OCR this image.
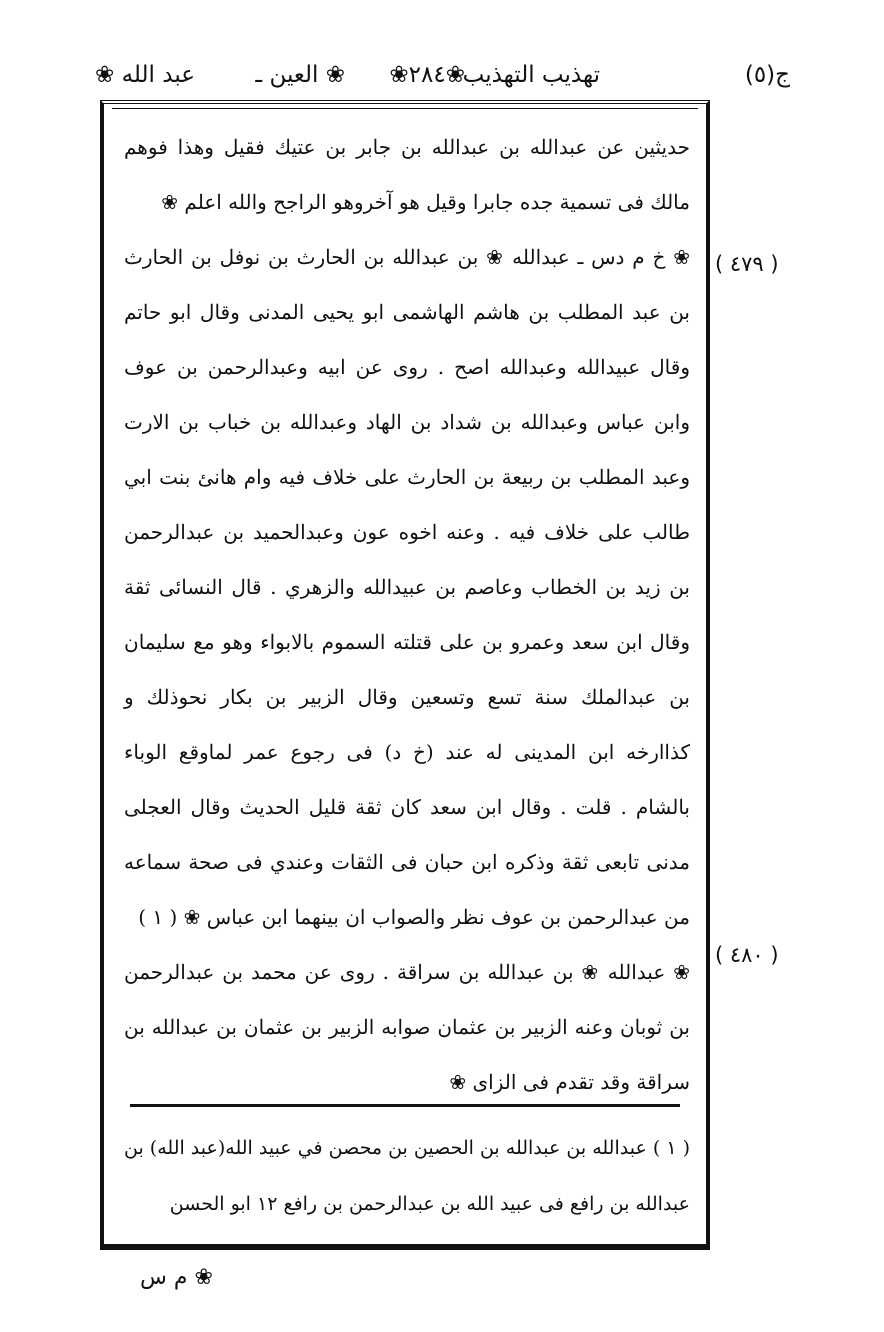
ج(٥)
تهذيب التهذيب
❀٢٨٤❀
❀ العين ـ
عبد الله ❀
( ٤٧٩ )
( ٤٨٠ )

حديثين عن عبدالله بن عبدالله بن جابر بن عتيك فقيل وهذا فوهم مالك فى تسمية جده جابرا وقيل هو آخروهو الراجح والله اعلم ❀

❀ خ م دس ـ عبدالله ❀ بن عبدالله بن الحارث بن نوفل بن الحارث بن عبد المطلب بن هاشم الهاشمى ابو يحيى المدنى وقال ابو حاتم وقال عبيدالله وعبدالله اصح . روى عن ابيه وعبدالرحمن بن عوف وابن عباس وعبدالله بن شداد بن الهاد وعبدالله بن خباب بن الارت وعبد المطلب بن ربيعة بن الحارث على خلاف فيه وام هانئ بنت ابي طالب على خلاف فيه . وعنه اخوه عون وعبدالحميد بن عبدالرحمن بن زيد بن الخطاب وعاصم بن عبيدالله والزهري . قال النسائى ثقة وقال ابن سعد وعمرو بن على قتلته السموم بالابواء وهو مع سليمان بن عبدالملك سنة تسع وتسعين وقال الزبير بن بكار نحوذلك و كذاارخه ابن المدينى له عند (خ د) فى رجوع عمر لماوقع الوباء بالشام . قلت . وقال ابن سعد كان ثقة قليل الحديث وقال العجلى مدنى تابعى ثقة وذكره ابن حبان فى الثقات وعندي فى صحة سماعه من عبدالرحمن بن عوف نظر والصواب ان بينهما ابن عباس ❀ ( ١ )

❀ عبدالله ❀ بن عبدالله بن سراقة . روى عن محمد بن عبدالرحمن بن ثوبان وعنه الزبير بن عثمان صوابه الزبير بن عثمان بن عبدالله بن سراقة وقد تقدم فى الزاى ❀

( ١ ) عبدالله بن عبدالله بن الحصين بن محصن في عبيد الله(عبد الله) بن عبدالله بن رافع فى عبيد الله بن عبدالرحمن بن رافع ١٢ ابو الحسن

❀ م س
